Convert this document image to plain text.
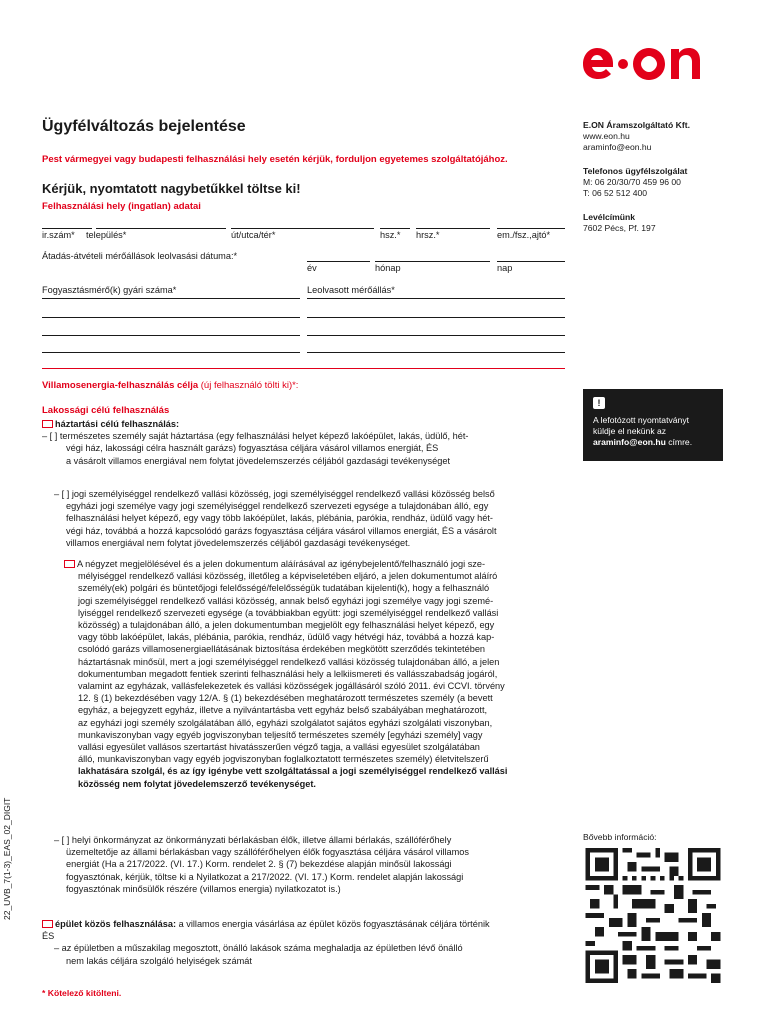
Ügyfélváltozás bejelentése
Pest vármegyei vagy budapesti felhasználási hely esetén kérjük, forduljon egyetemes szolgáltatójához.
Kérjük, nyomtatott nagybetűkkel töltse ki!
Felhasználási hely (ingatlan) adatai
E.ON Áramszolgáltató Kft.
www.eon.hu
araminfo@eon.hu
Telefonos ügyfélszolgálat
M: 06 20/30/70 459 96 00
T: 06 52 512 400
Levélcímünk
7602 Pécs, Pf. 197
ir.szám* település*	út/utca/tér*	hsz.* hrsz.*	em./fsz.,ajtó*
Átadás-átvételi mérőállások leolvasási dátuma:*
év	hónap	nap
Fogyasztásmérő(k) gyári száma*	Leolvasott mérőállás*
Villamosenergia-felhasználás célja (új felhasználó tölti ki)*:
Lakossági célú felhasználás
háztartási célú felhasználás:
– [ ] természetes személy saját háztartása (egy felhasználási helyet képező lakóépület, lakás, üdülő, hét-
végi ház, lakossági célra használt garázs) fogyasztása céljára vásárol villamos energiát, ÉS
a vásárolt villamos energiával nem folytat jövedelemszerzés céljából gazdasági tevékenységet
– [ ] jogi személyiséggel rendelkező vallási közösség, jogi személyiséggel rendelkező vallási közösség belső
egyházi jogi személye vagy jogi személyiséggel rendelkező szervezeti egysége a tulajdonában álló, egy
felhasználási helyet képező, egy vagy több lakóépület, lakás, plébánia, parókia, rendház, üdülő vagy hét-
végi ház, továbbá a hozzá kapcsolódó garázs fogyasztása céljára vásárol villamos energiát, ÉS a vásárolt
villamos energiával nem folytat jövedelemszerzés céljából gazdasági tevékenységet.
A négyzet megjelölésével és a jelen dokumentum aláírásával az igénybejelentő/felhasználó jogi sze-
mélyiséggel rendelkező vallási közösség, illetőleg a képviseletében eljáró, a jelen dokumentumot aláíró
személy(ek) polgári és büntetőjogi felelősségé/felelősségük tudatában kijelenti(k), hogy a felhasználó
jogi személyiséggel rendelkező vallási közösség, annak belső egyházi jogi személye vagy jogi szemé-
lyiséggel rendelkező szervezeti egysége (a továbbiakban együtt: jogi személyiséggel rendelkező vallási
közösség) a tulajdonában álló, a jelen dokumentumban megjelölt egy felhasználási helyet képező, egy
vagy több lakóépület, lakás, plébánia, parókia, rendház, üdülő vagy hétvégi ház, továbbá a hozzá kap-
csolódó garázs villamosenergiaellátásának biztosítása érdekében megkötött szerződés tekintetében
háztartásnak minősül, mert a jogi személyiséggel rendelkező vallási közösség tulajdonában álló, a jelen
dokumentumban megadott fentiek szerinti felhasználási hely a lelkiismereti és vallásszabadság jogáról,
valamint az egyházak, vallásfelekezetek és vallási közösségek jogállásáról szóló 2011. évi CCVI. törvény
12. § (1) bekezdésében vagy 12/A. § (1) bekezdésében meghatározott természetes személy (a bevett
egyház, a bejegyzett egyház, illetve a nyilvántartásba vett egyház belső szabályában meghatározott,
az egyházi jogi személy szolgálatában álló, egyházi szolgálatot sajátos egyházi szolgálati viszonyban,
munkaviszonyban vagy egyéb jogviszonyban teljesítő természetes személy [egyházi személy] vagy
vallási egyesület vallásos szertartást hivatásszerűen végző tagja, a vallási egyesület szolgálatában
álló, munkaviszonyban vagy egyéb jogviszonyban foglalkoztatott természetes személy) életvitelszerű
lakhatására szolgál, és az így igénybe vett szolgáltatással a jogi személyiséggel rendelkező vallási
közösség nem folytat jövedelemszerző tevékenységet.
– [ ] helyi önkormányzat az önkormányzati bérlakásban élők, illetve állami bérlakás, szállóférőhely
üzemeltetője az állami bérlakásban vagy szállóférőhelyen élők fogyasztása céljára vásárol villamos
energiát (Ha a 217/2022. (VI. 17.) Korm. rendelet 2. § (7) bekezdése alapján minősül lakossági
fogyasztónak, kérjük, töltse ki a Nyilatkozat a 217/2022. (VI. 17.) Korm. rendelet alapján lakossági
fogyasztónak minősülők részére (villamos energia) nyilatkozatot is.)
épület közös felhasználása: a villamos energia vásárlása az épület közös fogyasztásának céljára történik
ÉS
– az épületben a műszakilag megosztott, önálló lakások száma meghaladja az épületben lévő önálló
nem lakás céljára szolgáló helyiségek számát
* Kötelező kitölteni.
!
A lefotózott nyomtatványt
küldje el nekünk az
araminfo@eon.hu címre.
Bővebb információ:
22_UVB_7(1-3)_EAS_02_DIGIT
